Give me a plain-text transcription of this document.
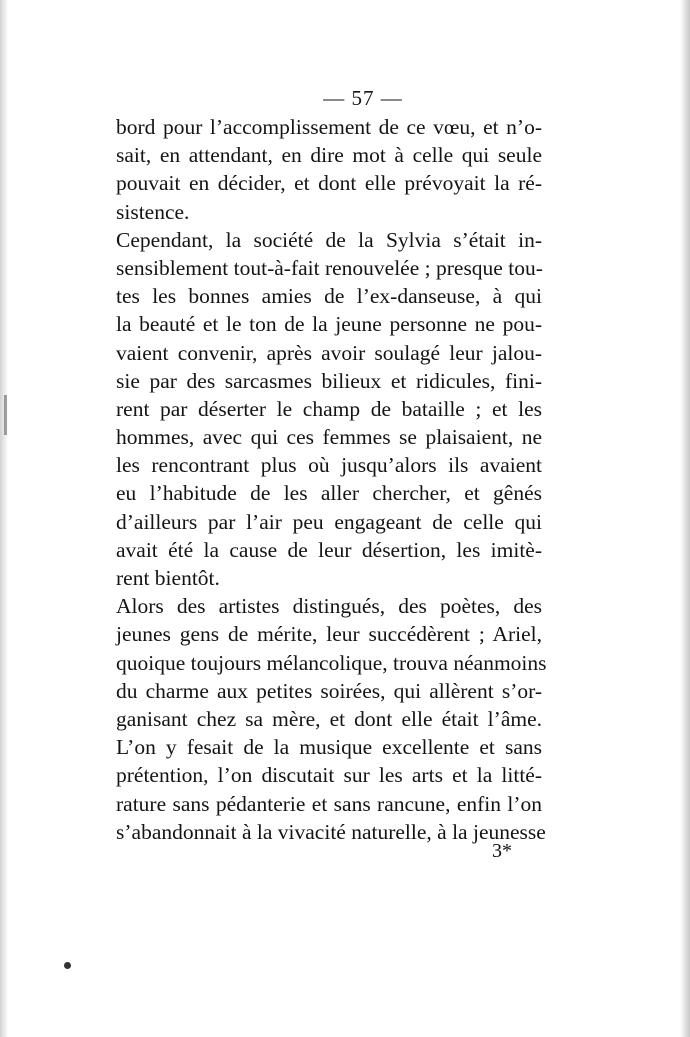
— 57 —
bord pour l’accomplissement de ce vœu, et n’o-
sait, en attendant, en dire mot à celle qui seule
pouvait en décider, et dont elle prévoyait la ré-
sistence.
Cependant, la société de la Sylvia s’était in-
sensiblement tout-à-fait renouvelée ; presque tou-
tes les bonnes amies de l’ex-danseuse, à qui
la beauté et le ton de la jeune personne ne pou-
vaient convenir, après avoir soulagé leur jalou-
sie par des sarcasmes bilieux et ridicules, fini-
rent par déserter le champ de bataille ; et les
hommes, avec qui ces femmes se plaisaient, ne
les rencontrant plus où jusqu’alors ils avaient
eu l’habitude de les aller chercher, et gênés
d’ailleurs par l’air peu engageant de celle qui
avait été la cause de leur désertion, les imitè-
rent bientôt.
Alors des artistes distingués, des poètes, des
jeunes gens de mérite, leur succédèrent ; Ariel,
quoique toujours mélancolique, trouva néanmoins
du charme aux petites soirées, qui allèrent s’or-
ganisant chez sa mère, et dont elle était l’âme.
L’on y fesait de la musique excellente et sans
prétention, l’on discutait sur les arts et la litté-
rature sans pédanterie et sans rancune, enfin l’on
s’abandonnait à la vivacité naturelle, à la jeunesse
3*
